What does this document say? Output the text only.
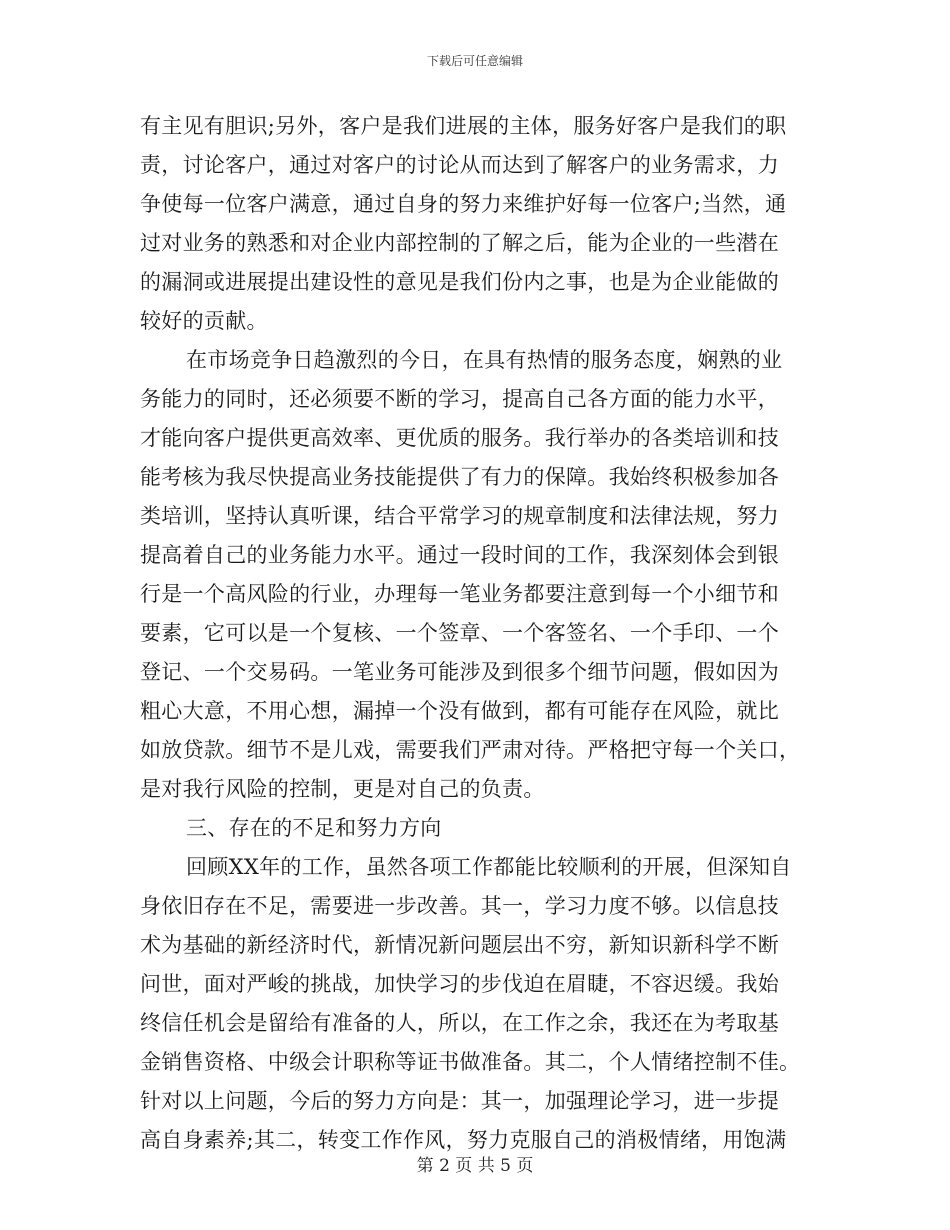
下载后可任意编辑
有主见有胆识;另外，客户是我们进展的主体，服务好客户是我们的职
责，讨论客户，通过对客户的讨论从而达到了解客户的业务需求，力
争使每一位客户满意，通过自身的努力来维护好每一位客户;当然，通
过对业务的熟悉和对企业内部控制的了解之后，能为企业的一些潜在
的漏洞或进展提出建设性的意见是我们份内之事，也是为企业能做的
较好的贡献。
在市场竞争日趋激烈的今日，在具有热情的服务态度，娴熟的业
务能力的同时，还必须要不断的学习，提高自己各方面的能力水平，
才能向客户提供更高效率、更优质的服务。我行举办的各类培训和技
能考核为我尽快提高业务技能提供了有力的保障。我始终积极参加各
类培训，坚持认真听课，结合平常学习的规章制度和法律法规，努力
提高着自己的业务能力水平。通过一段时间的工作，我深刻体会到银
行是一个高风险的行业，办理每一笔业务都要注意到每一个小细节和
要素，它可以是一个复核、一个签章、一个客签名、一个手印、一个
登记、一个交易码。一笔业务可能涉及到很多个细节问题，假如因为
粗心大意，不用心想，漏掉一个没有做到，都有可能存在风险，就比
如放贷款。细节不是儿戏，需要我们严肃对待。严格把守每一个关口，
是对我行风险的控制，更是对自己的负责。
三、存在的不足和努力方向
回顾XX年的工作，虽然各项工作都能比较顺利的开展，但深知自
身依旧存在不足，需要进一步改善。其一，学习力度不够。以信息技
术为基础的新经济时代，新情况新问题层出不穷，新知识新科学不断
问世，面对严峻的挑战，加快学习的步伐迫在眉睫，不容迟缓。我始
终信任机会是留给有准备的人，所以，在工作之余，我还在为考取基
金销售资格、中级会计职称等证书做准备。其二，个人情绪控制不佳。
针对以上问题，今后的努力方向是：其一，加强理论学习，进一步提
高自身素养;其二，转变工作作风，努力克服自己的消极情绪，用饱满
第 2 页 共 5 页
